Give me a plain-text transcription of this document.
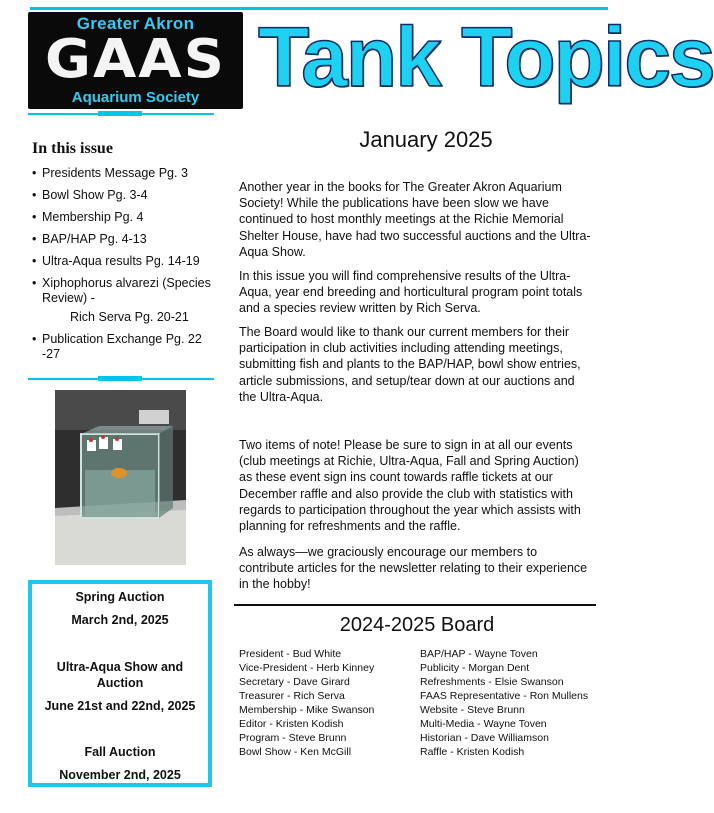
Greater Akron
GAAS
Aquarium Society Tank Topics
In this issue
• Presidents Message Pg. 3
• Bowl Show Pg. 3-4
• Membership Pg. 4
• BAP/HAP Pg. 4-13
• Ultra-Aqua results Pg. 14-19
• Xiphophorus alvarezi (Species Review) -
Rich Serva Pg. 20-21
• Publication Exchange Pg. 22 -27
Spring Auction
March 2nd, 2025
Ultra-Aqua Show and Auction
June 21st and 22nd, 2025
Fall Auction
November 2nd, 2025
January 2025

Another year in the books for The Greater Akron Aquarium Society! While the publications have been slow we have continued to host monthly meetings at the Richie Memorial Shelter House, have had two successful auctions and the Ultra-Aqua Show.

In this issue you will find comprehensive results of the Ultra-Aqua, year end breeding and horticultural program point totals and a species review written by Rich Serva.

The Board would like to thank our current members for their participation in club activities including attending meetings, submitting fish and plants to the BAP/HAP, bowl show entries, article submissions, and setup/tear down at our auctions and the Ultra-Aqua.

Two items of note! Please be sure to sign in at all our events (club meetings at Richie, Ultra-Aqua, Fall and Spring Auction) as these event sign ins count towards raffle tickets at our December raffle and also provide the club with statistics with regards to participation throughout the year which assists with planning for refreshments and the raffle.

As always—we graciously encourage our members to contribute articles for the newsletter relating to their experience in the hobby!

2024-2025 Board
President - Bud White
Vice-President - Herb Kinney
Secretary - Dave Girard
Treasurer - Rich Serva
Membership - Mike Swanson
Editor - Kristen Kodish
Program - Steve Brunn
Bowl Show - Ken McGill
BAP/HAP - Wayne Toven
Publicity - Morgan Dent
Refreshments - Elsie Swanson
FAAS Representative - Ron Mullens
Website - Steve Brunn
Multi-Media - Wayne Toven
Historian - Dave Williamson
Raffle - Kristen Kodish
